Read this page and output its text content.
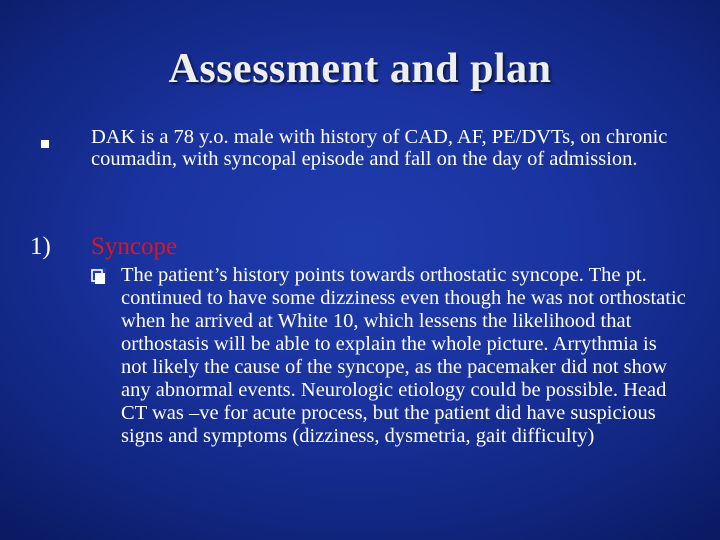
Assessment and plan
DAK is a 78 y.o. male with history of CAD, AF, PE/DVTs, on chronic coumadin, with syncopal episode and fall on the day of admission.
1) Syncope
The patient’s history points towards orthostatic syncope. The pt. continued to have some dizziness even though he was not orthostatic when he arrived at White 10, which lessens the likelihood that orthostasis will be able to explain the whole picture. Arrythmia is not likely the cause of the syncope, as the pacemaker did not show any abnormal events. Neurologic etiology could be possible. Head CT was –ve for acute process, but the patient did have suspicious signs and symptoms (dizziness, dysmetria, gait difficulty)
